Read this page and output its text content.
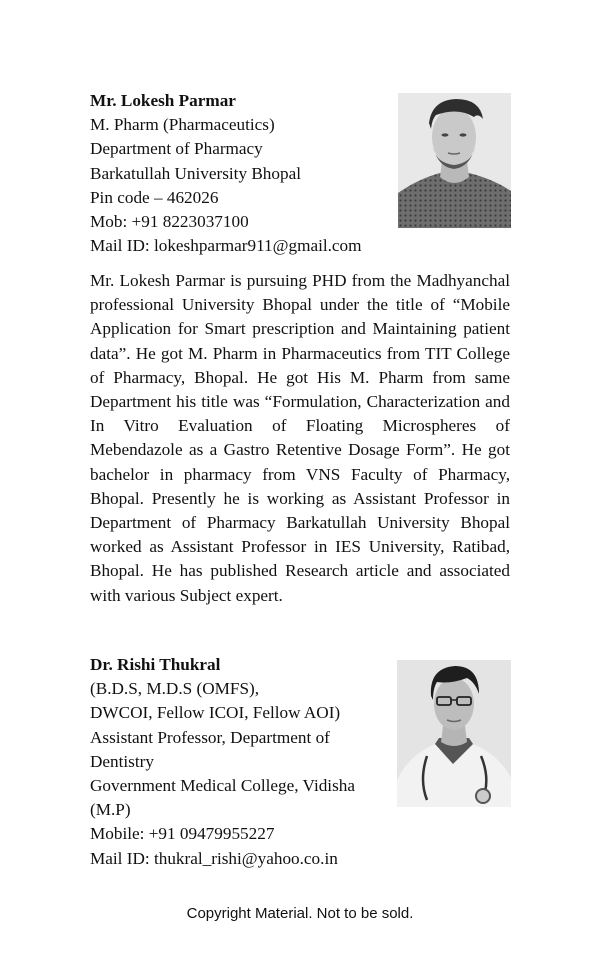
Mr. Lokesh Parmar
M. Pharm (Pharmaceutics)
Department of Pharmacy
Barkatullah University Bhopal
Pin code – 462026
Mob: +91 8223037100
Mail ID: lokeshparmar911@gmail.com
Mr. Lokesh Parmar is pursuing PHD from the Madhyanchal professional University Bhopal under the title of “Mobile Application for Smart prescription and Maintaining patient data”. He got M. Pharm in Pharmaceutics from TIT College of Pharmacy, Bhopal. He got His M. Pharm from same Department his title was “Formulation, Characterization and In Vitro Evaluation of Floating Microspheres of Mebendazole as a Gastro Retentive Dosage Form”. He got bachelor in pharmacy from VNS Faculty of Pharmacy, Bhopal. Presently he is working as Assistant Professor in Department of Pharmacy Barkatullah University Bhopal worked as Assistant Professor in IES University, Ratibad, Bhopal. He has published Research article and associated with various Subject expert.
Dr. Rishi Thukral
(B.D.S, M.D.S (OMFS),
DWCOI, Fellow ICOI, Fellow AOI)
Assistant Professor, Department of
Dentistry
Government Medical College, Vidisha
(M.P)
Mobile: +91 09479955227
Mail ID: thukral_rishi@yahoo.co.in
Copyright Material. Not to be sold.
